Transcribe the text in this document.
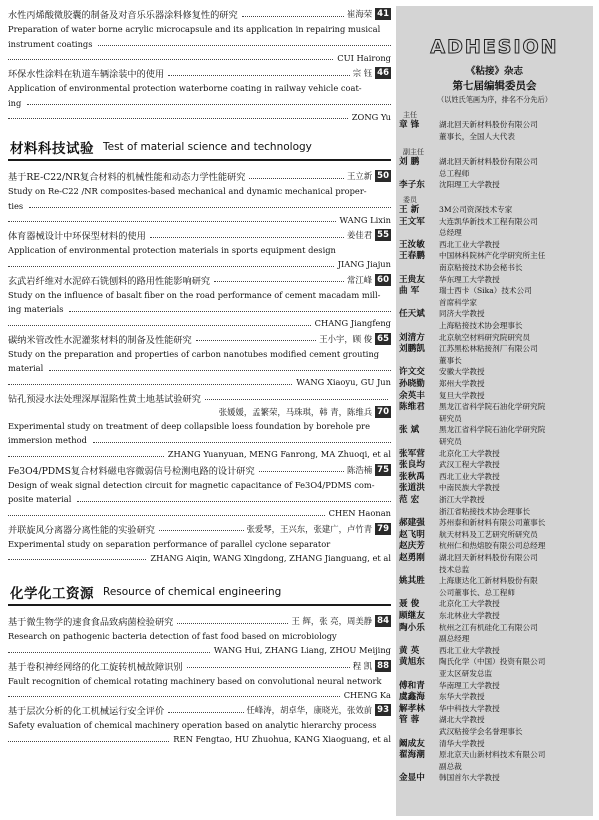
水性丙烯酸微胶囊的制备及对音乐乐器涂料修复性的研究	崔海荣 41
Preparation of water borne acrylic microcapsule and its application in repairing musical
instrument coatings
CUI Hairong
环保水性涂料在轨道车辆涂装中的使用	宗 钰 46
Application of environmental protection waterborne coating in railway vehicle coat-
ing
ZONG Yu
材料科技试验 Test of material science and technology
基于RE-C22/NR复合材料的机械性能和动态力学性能研究	王立新 50
Study on Re-C22 /NR composites-based mechanical and dynamic mechanical proper-
ties
WANG Lixin
体育器械设计中环保型材料的使用	姜佳君 55
Application of environmental protection materials in sports equipment design
JIANG Jiajun
玄武岩纤维对水泥碎石铣刨料的路用性能影响研究	常江峰 60
Study on the influence of basalt fiber on the road performance of cement macadam mill-
ing materials
CHANG Jiangfeng
碳纳米管改性水泥灌浆材料的制备及性能研究	王小宇，顾 俊 65
Study on the preparation and properties of carbon nanotubes modified cement grouting
material
WANG Xiaoyu, GU Jun
钻孔预浸水法处理深厚湿陷性黄土地基试验研究
张媛媛，孟繁荣，马珠琪，韩 青，陈维兵 70
Experimental study on treatment of deep collapsible loess foundation by borehole pre
immersion method
ZHANG Yuanyuan, MENG Fanrong, MA Zhuoqi, et al
Fe3O4/PDMS复合材料磁电容微弱信号检测电路的设计研究	陈浩楠 75
Design of weak signal detection circuit for magnetic capacitance of Fe3O4/PDMS com-
posite material
CHEN Haonan
并联旋风分离器分离性能的实验研究	张爱琴，王兴东，张建广，卢竹青 79
Experimental study on separation performance of parallel cyclone separator
ZHANG Aiqin, WANG Xingdong, ZHANG Jianguang, et al
化学化工资源 Resource of chemical engineering
基于微生物学的速食食品致病菌检验研究	王 辉，张 亮，周美静 84
Research on pathogenic bacteria detection of fast food based on microbiology
WANG Hui, ZHANG Liang, ZHOU Meijing
基于卷积神经网络的化工旋转机械故障识别	程 凯 88
Fault recognition of chemical rotating machinery based on convolutional neural network
CHENG Ka
基于层次分析的化工机械运行安全评价	任峰涛，胡卓华，康晓光，张效前 93
Safety evaluation of chemical machinery operation based on analytic hierarchy process
REN Fengtao, HU Zhuohua, KANG Xiaoguang, et al
ADHESION
《粘接》杂志
第七届编辑委员会
（以姓氏笔画为序，排名不分先后）
主任
章 锋	湖北回天新材料股份有限公司
董事长，全国人大代表
副主任
刘 鹏	湖北回天新材料股份有限公司
总工程师
李子东	沈阳理工大学教授
委员
王 新	3M公司资深技术专家
王文军	大连凯华新技术工程有限公司
总经理
王汝敏	西北工业大学教授
王春鹏	中国林科院林产化学研究所主任
南京粘接技术协会秘书长
王贵友	华东理工大学教授
曲 军	瑞士西卡（Sika）技术公司
首席科学家
任天斌	同济大学教授
上海粘接技术协会理事长
刘清方	北京航空材料研究院研究员
刘鹏凯	江苏黑松林粘接剂厂有限公司
董事长
许文交	安徽大学教授
孙晓勤	郑州大学教授
余英丰	复旦大学教授
陈维君	黑龙江省科学院石油化学研究院
研究员
张 斌	黑龙江省科学院石油化学研究院
研究员
张军营	北京化工大学教授
张良均	武汉工程大学教授
张秋禹	西北工业大学教授
张道洪	中南民族大学教授
范 宏	浙江大学教授
浙江省粘接技术协会理事长
郝建强	苏州泰和新材料有限公司董事长
赵飞明	航天材料及工艺研究所研究员
赵庆芳	杭州仁和热熔胶有限公司总经理
赵勇刚	湖北回天新材料股份有限公司
技术总监
姚其胜	上海康达化工新材料股份有限
公司董事长、总工程师
聂 俊	北京化工大学教授
顾继友	东北林业大学教授
陶小乐	杭州之江有机硅化工有限公司
副总经理
黄 英	西北工业大学教授
黄旭东	陶氏化学（中国）投资有限公司
亚太区研发总监
傅和青	华南理工大学教授
虞鑫海	东华大学教授
解孝林	华中科技大学教授
管 蓉	湖北大学教授
武汉粘接学会名誉理事长
阚成友	清华大学教授
翟海潮	原北京天山新材料技术有限公司
副总裁
金显中	韩国首尔大学教授
